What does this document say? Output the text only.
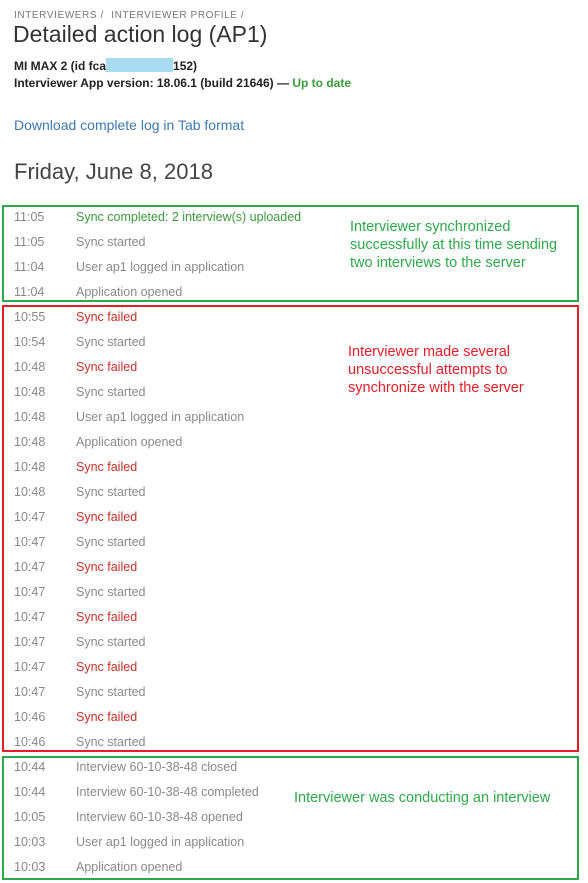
INTERVIEWERS / INTERVIEWER PROFILE /
Detailed action log (AP1)
MI MAX 2 (id fca	152)
Interviewer App version: 18.06.1 (build 21646) — Up to date
Download complete log in Tab format
Friday, June 8, 2018
11:05	Sync completed: 2 interview(s) uploaded
11:05	Sync started
11:04	User ap1 logged in application
11:04	Application opened
10:55 Sync failed
10:54 Sync started
10:48 Sync failed
10:48 Sync started
10:48 User ap1 logged in application
10:48 Application opened
10:48 Sync failed
10:48 Sync started
10:47 Sync failed
10:47 Sync started
10:47 Sync failed
10:47 Sync started
10:47 Sync failed
10:47 Sync started
10:47 Sync failed
10:47 Sync started
10:46 Sync failed
10:46 Sync started
10:44 Interview 60-10-38-48 closed
10:44 Interview 60-10-38-48 completed
10:05 Interview 60-10-38-48 opened
10:03 User ap1 logged in application
10:03 Application opened
Interviewer synchronized successfully at this time sending two interviews to the server
Interviewer made several unsuccessful attempts to synchronize with the server
Interviewer was conducting an interview
